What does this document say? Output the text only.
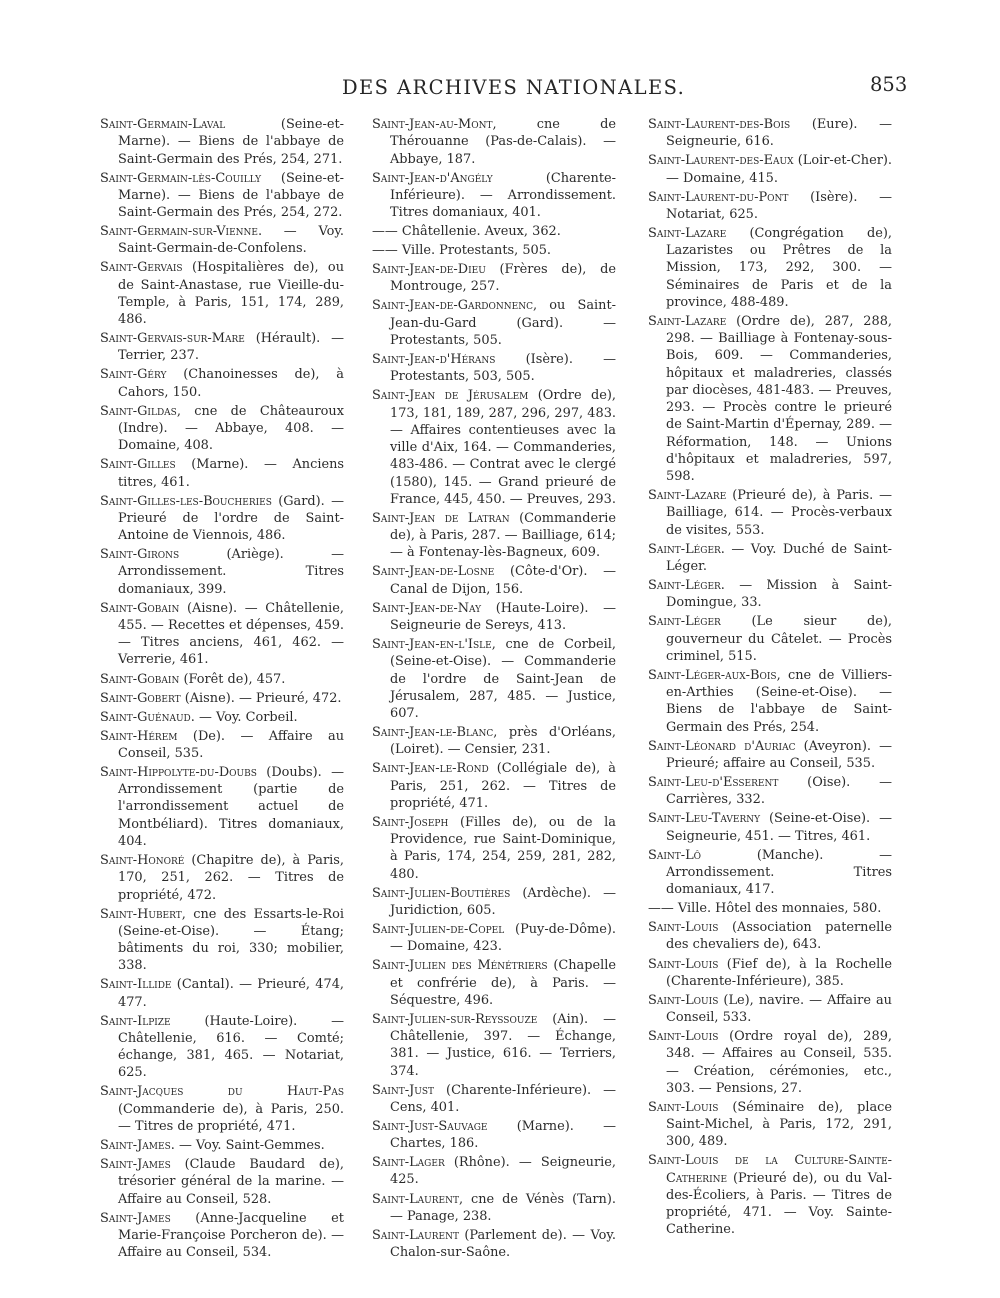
DES ARCHIVES NATIONALES.	853

Saint-Germain-Laval (Seine-et-Marne). — Biens de l'abbaye de Saint-Germain des Prés, 254, 271.

Saint-Germain-lès-Couilly (Seine-et-Marne). — Biens de l'abbaye de Saint-Germain des Prés, 254, 272.

Saint-Germain-sur-Vienne. — Voy. Saint-Germain-de-Confolens.

Saint-Gervais (Hospitalières de), ou de Saint-Anastase, rue Vieille-du-Temple, à Paris, 151, 174, 289, 486.

Saint-Gervais-sur-Mare (Hérault). — Terrier, 237.

Saint-Géry (Chanoinesses de), à Cahors, 150.

Saint-Gildas, cne de Châteauroux (Indre). — Abbaye, 408. — Domaine, 408.

Saint-Gilles (Marne). — Anciens titres, 461.

Saint-Gilles-les-Boucheries (Gard). — Prieuré de l'ordre de Saint-Antoine de Viennois, 486.

Saint-Girons (Ariège). — Arrondissement. Titres domaniaux, 399.

Saint-Gobain (Aisne). — Châtellenie, 455. — Recettes et dépenses, 459. — Titres anciens, 461, 462. — Verrerie, 461.

Saint-Gobain (Forêt de), 457.

Saint-Gobert (Aisne). — Prieuré, 472.

Saint-Guénaud. — Voy. Corbeil.

Saint-Hérem (De). — Affaire au Conseil, 535.

Saint-Hippolyte-du-Doubs (Doubs). — Arrondissement (partie de l'arrondissement actuel de Montbéliard). Titres domaniaux, 404.

Saint-Honoré (Chapitre de), à Paris, 170, 251, 262. — Titres de propriété, 472.

Saint-Hubert, cne des Essarts-le-Roi (Seine-et-Oise). — Étang; bâtiments du roi, 330; mobilier, 338.

Saint-Illide (Cantal). — Prieuré, 474, 477.

Saint-Ilpize (Haute-Loire). — Châtellenie, 616. — Comté; échange, 381, 465. — Notariat, 625.

Saint-Jacques du Haut-Pas (Commanderie de), à Paris, 250. — Titres de propriété, 471.

Saint-James. — Voy. Saint-Gemmes.

Saint-James (Claude Baudard de), trésorier général de la marine. — Affaire au Conseil, 528.

Saint-James (Anne-Jacqueline et Marie-Françoise Porcheron de). — Affaire au Conseil, 534.

Saint-Jean-au-Mont, cne de Thérouanne (Pas-de-Calais). — Abbaye, 187.

Saint-Jean-d'Angély (Charente-Inférieure). — Arrondissement. Titres domaniaux, 401.

—— Châtellenie. Aveux, 362.

—— Ville. Protestants, 505.

Saint-Jean-de-Dieu (Frères de), de Montrouge, 257.

Saint-Jean-de-Gardonnenc, ou Saint-Jean-du-Gard (Gard). — Protestants, 505.

Saint-Jean-d'Hérans (Isère). — Protestants, 503, 505.

Saint-Jean de Jérusalem (Ordre de), 173, 181, 189, 287, 296, 297, 483. — Affaires contentieuses avec la ville d'Aix, 164. — Commanderies, 483-486. — Contrat avec le clergé (1580), 145. — Grand prieuré de France, 445, 450. — Preuves, 293.

Saint-Jean de Latran (Commanderie de), à Paris, 287. — Bailliage, 614; — à Fontenay-lès-Bagneux, 609.

Saint-Jean-de-Losne (Côte-d'Or). — Canal de Dijon, 156.

Saint-Jean-de-Nay (Haute-Loire). — Seigneurie de Sereys, 413.

Saint-Jean-en-l'Isle, cne de Corbeil, (Seine-et-Oise). — Commanderie de l'ordre de Saint-Jean de Jérusalem, 287, 485. — Justice, 607.

Saint-Jean-le-Blanc, près d'Orléans, (Loiret). — Censier, 231.

Saint-Jean-le-Rond (Collégiale de), à Paris, 251, 262. — Titres de propriété, 471.

Saint-Joseph (Filles de), ou de la Providence, rue Saint-Dominique, à Paris, 174, 254, 259, 281, 282, 480.

Saint-Julien-Boutières (Ardèche). — Juridiction, 605.

Saint-Julien-de-Copel (Puy-de-Dôme). — Domaine, 423.

Saint-Julien des Ménétriers (Chapelle et confrérie de), à Paris. — Séquestre, 496.

Saint-Julien-sur-Reyssouze (Ain). — Châtellenie, 397. — Échange, 381. — Justice, 616. — Terriers, 374.

Saint-Just (Charente-Inférieure). — Cens, 401.

Saint-Just-Sauvage (Marne). — Chartes, 186.

Saint-Lager (Rhône). — Seigneurie, 425.

Saint-Laurent, cne de Vénès (Tarn). — Panage, 238.

Saint-Laurent (Parlement de). — Voy. Chalon-sur-Saône.

Saint-Laurent-des-Bois (Eure). — Seigneurie, 616.

Saint-Laurent-des-Eaux (Loir-et-Cher). — Domaine, 415.

Saint-Laurent-du-Pont (Isère). — Notariat, 625.

Saint-Lazare (Congrégation de), Lazaristes ou Prêtres de la Mission, 173, 292, 300. — Séminaires de Paris et de la province, 488-489.

Saint-Lazare (Ordre de), 287, 288, 298. — Bailliage à Fontenay-sous-Bois, 609. — Commanderies, hôpitaux et maladreries, classés par diocèses, 481-483. — Preuves, 293. — Procès contre le prieuré de Saint-Martin d'Épernay, 289. — Réformation, 148. — Unions d'hôpitaux et maladreries, 597, 598.

Saint-Lazare (Prieuré de), à Paris. — Bailliage, 614. — Procès-verbaux de visites, 553.

Saint-Léger. — Voy. Duché de Saint-Léger.

Saint-Léger. — Mission à Saint-Domingue, 33.

Saint-Léger (Le sieur de), gouverneur du Câtelet. — Procès criminel, 515.

Saint-Léger-aux-Bois, cne de Villiers-en-Arthies (Seine-et-Oise). — Biens de l'abbaye de Saint-Germain des Prés, 254.

Saint-Léonard d'Auriac (Aveyron). — Prieuré; affaire au Conseil, 535.

Saint-Leu-d'Esserent (Oise). — Carrières, 332.

Saint-Leu-Taverny (Seine-et-Oise). — Seigneurie, 451. — Titres, 461.

Saint-Lô (Manche). — Arrondissement. Titres domaniaux, 417.

—— Ville. Hôtel des monnaies, 580.

Saint-Louis (Association paternelle des chevaliers de), 643.

Saint-Louis (Fief de), à la Rochelle (Charente-Inférieure), 385.

Saint-Louis (Le), navire. — Affaire au Conseil, 533.

Saint-Louis (Ordre royal de), 289, 348. — Affaires au Conseil, 535. — Création, cérémonies, etc., 303. — Pensions, 27.

Saint-Louis (Séminaire de), place Saint-Michel, à Paris, 172, 291, 300, 489.

Saint-Louis de la Culture-Sainte-Catherine (Prieuré de), ou du Val-des-Écoliers, à Paris. — Titres de propriété, 471. — Voy. Sainte-Catherine.
